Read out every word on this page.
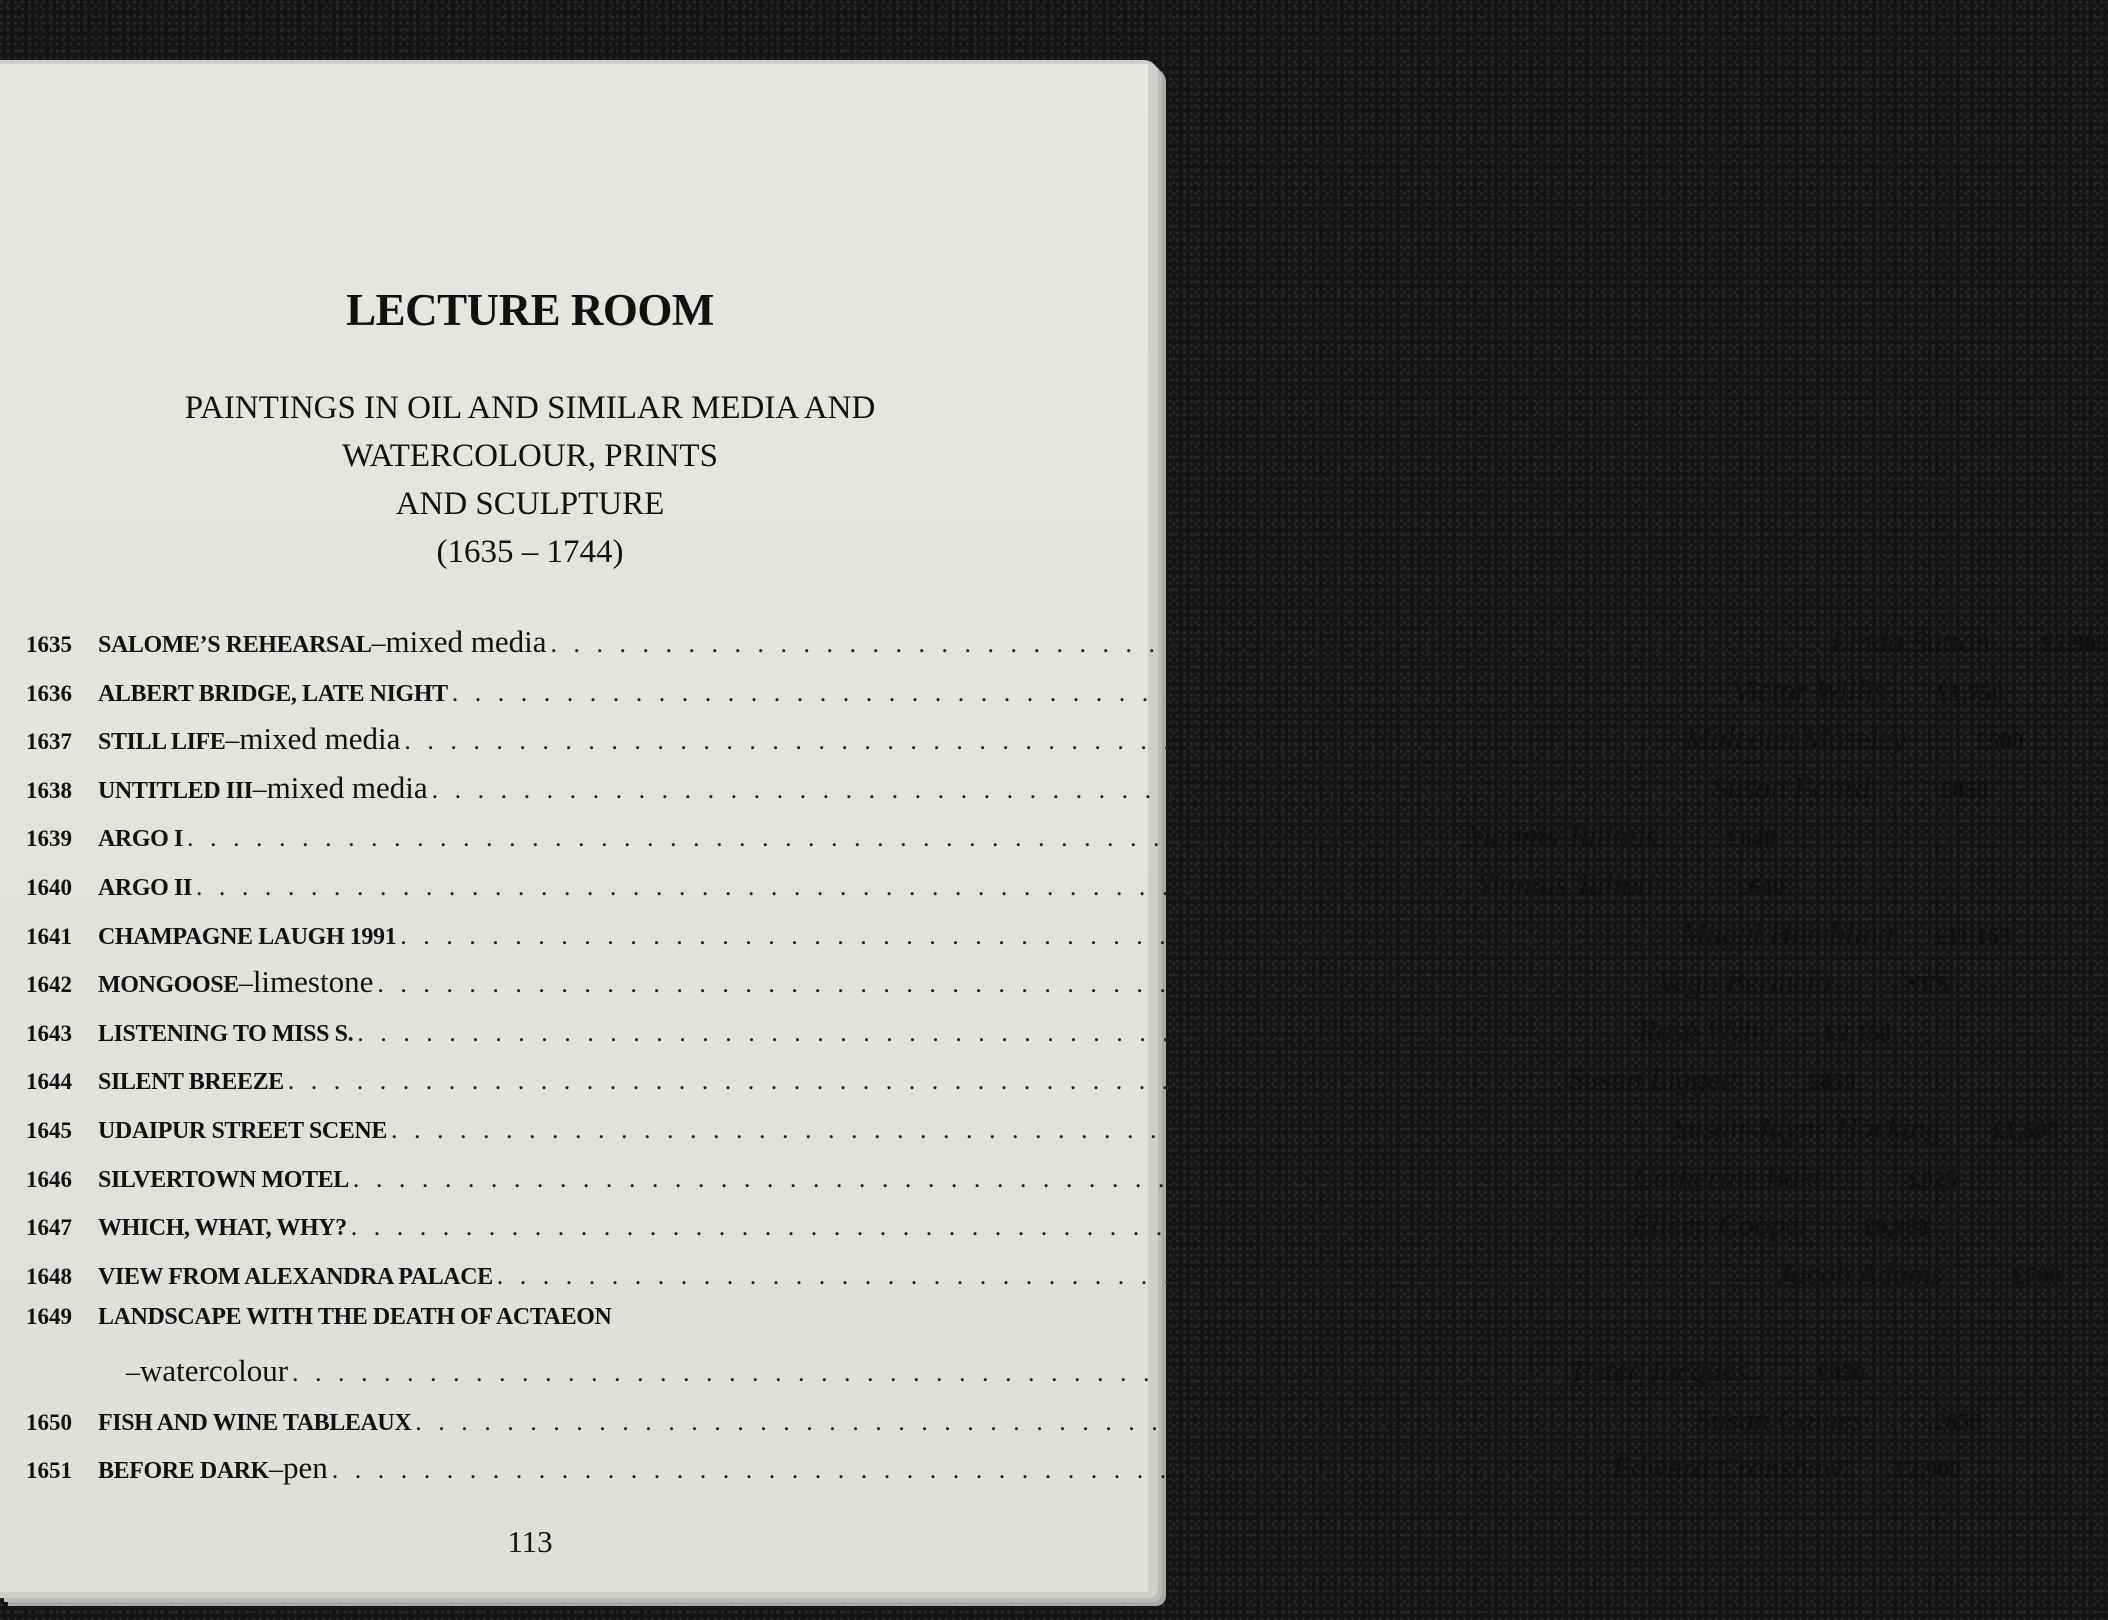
LECTURE ROOM
PAINTINGS IN OIL AND SIMILAR MEDIA AND
WATERCOLOUR, PRINTS
AND SCULPTURE
(1635 – 1744)
1635	SALOME’S REHEARSAL – mixed media . . . . . . . . . . . . . . . . . . . . . . . . . . . . . . . . . . . . . . . . . . . . . . . . . . . . . . . . Linda Sutton	£2,900
1636	ALBERT BRIDGE, LATE NIGHT . . . . . . . . . . . . . . . . . . . . . . . . . . . . . . . . . . . . . . . . . . . . . . . . . . . . . . . . Victor Willis	£1,750
1637	STILL LIFE – mixed media . . . . . . . . . . . . . . . . . . . . . . . . . . . . . . . . . . . . . . . . . . . . . . . . . . . . . . . . Malcolm Moseley	£500
1638	UNTITLED III – mixed media . . . . . . . . . . . . . . . . . . . . . . . . . . . . . . . . . . . . . . . . . . . . . . . . . . . . . . . . Susan Foord	£850
1639	ARGO I . . . . . . . . . . . . . . . . . . . . . . . . . . . . . . . . . . . . . . . . . . . . . . . . . . . . . . . . Yiannis Taliotis	£640
1640	ARGO II . . . . . . . . . . . . . . . . . . . . . . . . . . . . . . . . . . . . . . . . . . . . . . . . . . . . . . . . Yiannis Taliotis	£640
1641	CHAMPAGNE LAUGH 1991 . . . . . . . . . . . . . . . . . . . . . . . . . . . . . . . . . . . . . . . . . . . . . . . . . . . . . . . . Maggi Hambling	£11,163
1642	MONGOOSE – limestone . . . . . . . . . . . . . . . . . . . . . . . . . . . . . . . . . . . . . . . . . . . . . . . . . . . . . . . . Vega Bermejo	NFS
1643	LISTENING TO MISS S. . . . . . . . . . . . . . . . . . . . . . . . . . . . . . . . . . . . . . . . . . . . . . . . . . . . . . . . . Rose Wylie	£2,150
1644	SILENT BREEZE . . . . . . . . . . . . . . . . . . . . . . . . . . . . . . . . . . . . . . . . . . . . . . . . . . . . . . . . Susan Liggett	£850
1645	UDAIPUR STREET SCENE . . . . . . . . . . . . . . . . . . . . . . . . . . . . . . . . . . . . . . . . . . . . . . . . . . . . . . . . Susan-Jayne Hocking	£1,500
1646	SILVERTOWN MOTEL . . . . . . . . . . . . . . . . . . . . . . . . . . . . . . . . . . . . . . . . . . . . . . . . . . . . . . . . Catherine Baker	£825
1647	WHICH, WHAT, WHY? . . . . . . . . . . . . . . . . . . . . . . . . . . . . . . . . . . . . . . . . . . . . . . . . . . . . . . . . Eileen Cooper	£9,988
1648	VIEW FROM ALEXANDRA PALACE . . . . . . . . . . . . . . . . . . . . . . . . . . . . . . . . . . . . . . . . . . . . . . . . . . . . . . . . Jacob Adams	£700
1649	LANDSCAPE WITH THE DEATH OF ACTAEON
– watercolour . . . . . . . . . . . . . . . . . . . . . . . . . . . . . . . . . . . . . . . . . . . . . . . . . . . . . . . . Peter Jacques	£450
1650	FISH AND WINE TABLEAUX . . . . . . . . . . . . . . . . . . . . . . . . . . . . . . . . . . . . . . . . . . . . . . . . . . . . . . . . Susan Caines	£650
1651	BEFORE DARK – pen . . . . . . . . . . . . . . . . . . . . . . . . . . . . . . . . . . . . . . . . . . . . . . . . . . . . . . . . Edward Cronshaw	£2,900
113
